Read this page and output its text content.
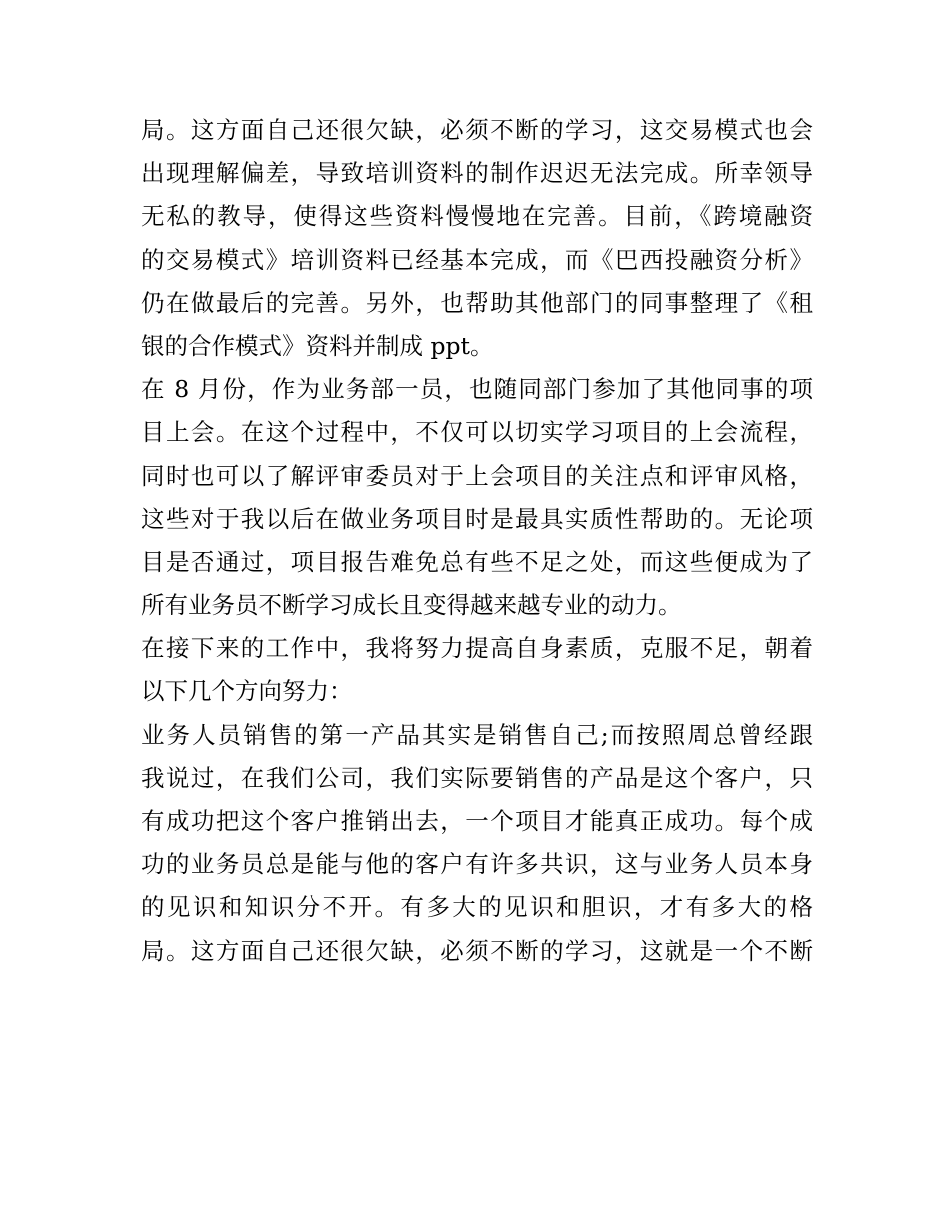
局。这方面自己还很欠缺，必须不断的学习，这交易模式也会
出现理解偏差，导致培训资料的制作迟迟无法完成。所幸领导
无私的教导，使得这些资料慢慢地在完善。目前，《跨境融资
的交易模式》培训资料已经基本完成，而《巴西投融资分析》
仍在做最后的完善。另外，也帮助其他部门的同事整理了《租
银的合作模式》资料并制成 ppt。
在 8 月份，作为业务部一员，也随同部门参加了其他同事的项
目上会。在这个过程中，不仅可以切实学习项目的上会流程，
同时也可以了解评审委员对于上会项目的关注点和评审风格，
这些对于我以后在做业务项目时是最具实质性帮助的。无论项
目是否通过，项目报告难免总有些不足之处，而这些便成为了
所有业务员不断学习成长且变得越来越专业的动力。
在接下来的工作中，我将努力提高自身素质，克服不足，朝着
以下几个方向努力：
业务人员销售的第一产品其实是销售自己;而按照周总曾经跟
我说过，在我们公司，我们实际要销售的产品是这个客户，只
有成功把这个客户推销出去，一个项目才能真正成功。每个成
功的业务员总是能与他的客户有许多共识，这与业务人员本身
的见识和知识分不开。有多大的见识和胆识，才有多大的格
局。这方面自己还很欠缺，必须不断的学习，这就是一个不断
